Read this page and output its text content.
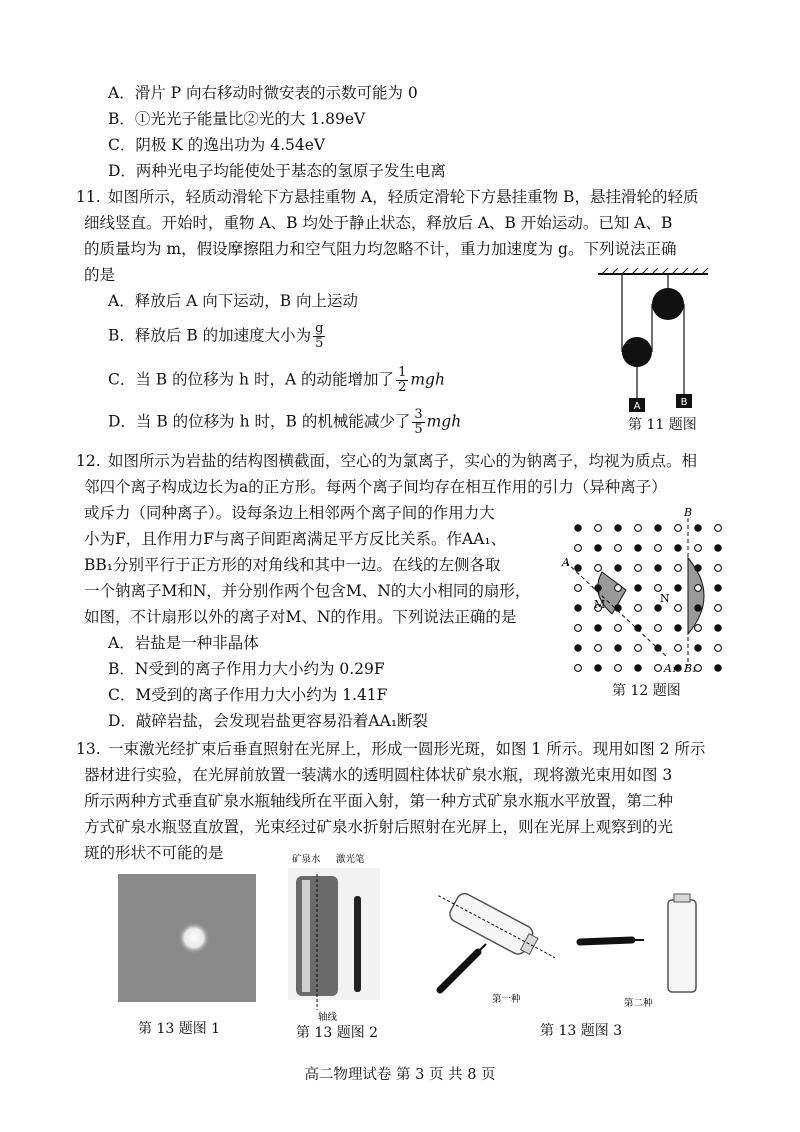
A．滑片 P 向右移动时微安表的示数可能为 0
B．①光光子能量比②光的大 1.89eV
C．阴极 K 的逸出功为 4.54eV
D．两种光电子均能使处于基态的氢原子发生电离
11. 如图所示，轻质动滑轮下方悬挂重物 A，轻质定滑轮下方悬挂重物 B，悬挂滑轮的轻质
细线竖直。开始时，重物 A、B 均处于静止状态，释放后 A、B 开始运动。已知 A、B
的质量均为 m，假设摩擦阻力和空气阻力均忽略不计，重力加速度为 g。下列说法正确
的是
A．释放后 A 向下运动，B 向上运动
B．释放后 B 的加速度大小为 $\frac{g}{5}$
C．当 B 的位移为 h 时，A 的动能增加了 $\frac{1}{2}$ mgh
D．当 B 的位移为 h 时，B 的机械能减少了 $\frac{3}{5}$ mgh
A	B
第 11 题图
12. 如图所示为岩盐的结构图横截面，空心的为氯离子，实心的为钠离子，均视为质点。相
邻四个离子构成边长为a的正方形。每两个离子间均存在相互作用的引力（异种离子）
或斥力（同种离子）。设每条边上相邻两个离子间的作用力大
小为F，且作用力F与离子间距离满足平方反比关系。作AA₁、
BB₁分别平行于正方形的对角线和其中一边。在线的左侧各取
一个钠离子M和N，并分别作两个包含M、N的大小相同的扇形，
如图，不计扇形以外的离子对M、N的作用。下列说法正确的是
A．岩盐是一种非晶体
B．N受到的离子作用力大小约为 0.29F
C．M受到的离子作用力大小约为 1.41F
D．敲碎岩盐，会发现岩盐更容易沿着AA₁断裂
A
B
A₁ B₁
M	N
第 12 题图
13. 一束激光经扩束后垂直照射在光屏上，形成一圆形光斑，如图 1 所示。现用如图 2 所示
器材进行实验，在光屏前放置一装满水的透明圆柱体状矿泉水瓶，现将激光束用如图 3
所示两种方式垂直矿泉水瓶轴线所在平面入射，第一种方式矿泉水瓶水平放置，第二种
方式矿泉水瓶竖直放置，光束经过矿泉水折射后照射在光屏上，则在光屏上观察到的光
斑的形状不可能的是
第 13 题图 1
矿泉水 激光笔
轴线
第 13 题图 2
第一种	第二种
第 13 题图 3
高二物理试卷 第 3 页 共 8 页
